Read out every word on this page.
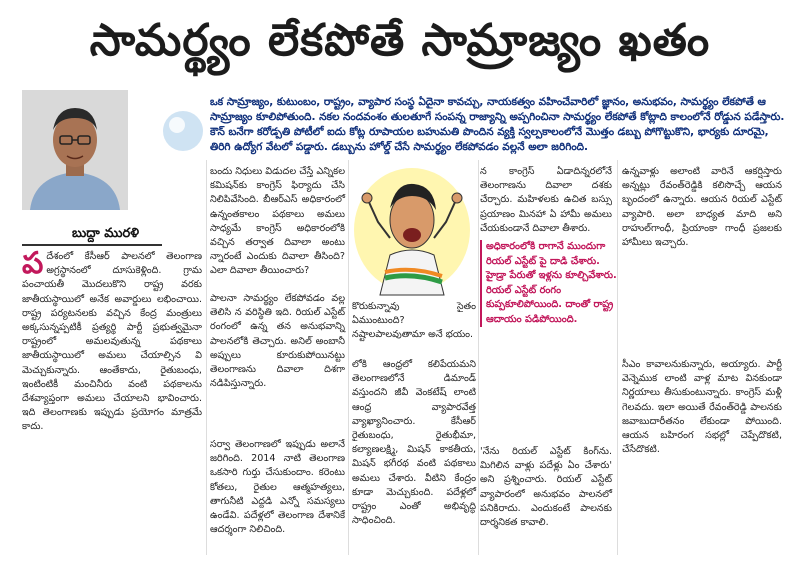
సామర్థ్యం లేకపోతే సామ్రాజ్యం ఖతం
బుద్దా మురళి
ఒక సామ్రాజ్యం, కుటుంబం, రాష్ట్రం, వ్యాపార సంస్థ ఏదైనా కావచ్చు, నాయకత్వం వహించేవారిలో జ్ఞానం, అనుభవం, సామర్థ్యం లేకపోతే ఆ సామ్రాజ్యం కూలిపోతుంది. నకల నందవంశం తులతూగే సంపన్న రాజ్యాన్ని అప్పగించినా సామర్థ్యం లేకపోతే కోట్లాది కాలంలోనే రోడ్డున పడేస్తారు. కౌన్ బనేగా కరోడ్పతి పోటీలో ఐదు కోట్ల రూపాయల బహుమతి పొందిన వ్యక్తి స్వల్పకాలంలోనే మొత్తం డబ్బు పోగొట్టుకొని, భార్యకు దూరమై, తిరిగి ఉద్యోగ వేటలో పడ్డారు. డబ్బును హోల్డ్ చేసే సామర్థ్యం లేకపోవడం వల్లనే అలా జరిగింది.
ప దేశంలో కేసీఆర్ పాలనలో తెలంగాణ అగ్రస్థానంలో దూసుకెళ్లింది. గ్రామ పంచాయతీ మొదలుకొని రాష్ట్ర వరకు జాతీయస్థాయిలో అనేక అవార్డులు లభించాయి. రాష్ట్ర పర్యటనలకు వచ్చిన కేంద్ర మంత్రులు అక్కసున్నప్పటికీ ప్రత్యర్థి పార్టీ ప్రభుత్వమైనా రాష్ట్రంలో అమలవుతున్న పథకాలు జాతీయస్థాయిలో అమలు చేయాల్సిన వి మెచ్చుకున్నారు. ఆంతేకాదు, రైతుబంధు, ఇంటింటికీ మంచినీరు వంటి పథకాలను దేశవ్యాప్తంగా అమలు చేయాలని భావించారు. ఇది తెలంగాణకు ఇప్పుడు ప్రయోగం మాత్రమే కాదు.
బందు నిధులు విడుదల చేస్తే ఎన్నికల కమిషన్‌కు కాంగ్రెస్ ఫిర్యాదు చేసి నిలిపివేసింది. బీఆర్ఎస్ అధికారంలో ఉన్నంతకాలం పథకాలు అమలు సాధ్యమే కాంగ్రెస్ అధికారంలోకి వచ్చిన తర్వాత దివాలా అంటు న్నారంటే ఎందుకు దివాలా తీసింది? ఎలా దివాలా తీయించారు?
పాలనా సామర్థ్యం లేకపోవడం వల్ల తెలిసి న వరిస్థితి ఇది. రియల్ ఎస్టేట్ రంగంలో ఉన్న తన అనుభవాన్ని పాలనలోకి తెచ్చారు. అనిల్ అంబానీ అప్పులు కూరుకుపోయినట్టు తెలంగాణను దివాలా దిశగా నడిపిస్తున్నారు.
సర్వా తెలంగాణలో ఇప్పుడు అలానే జరిగింది. 2014 నాటి తెలంగాణ ఒకసారి గుర్తు చేసుకుందాం. కరెంటు కోతలు, రైతుల ఆత్మహత్యలు, తాగునీటి ఎద్దడి ఎన్నో సమస్యలు ఉండేవి. పదేళ్లలో తెలంగాణ దేశానికే ఆదర్శంగా నిలిచింది.
కొరుకున్నావు సైతం ఏముంటుంది? నష్టాలపాలవుతామా అనే భయం.
లోకి ఆంధ్రలో కలిపేయమని తెలంగాణలోనే డిమాండ్ వస్తుందని జీవీ వెంకటేష్ లాంటి ఆంధ్ర వ్యాపారవేత్త వ్యాఖ్యానించారు. కేసీఆర్ రైతుబంధు, రైతుభీమా, కల్యాణలక్ష్మి, మిషన్ కాకతీయ, మిషన్ భగీరథ వంటి పథకాలు అమలు చేశారు. వీటిని కేంద్రం కూడా మెచ్చుకుంది. పదేళ్లలో రాష్ట్రం ఎంతో అభివృద్ధి సాధించింది.
న కాంగ్రెస్ ఏడాదిన్నరలోనే తెలంగాణను దివాలా దశకు చేర్చారు. మహిళలకు ఉచిత బస్సు ప్రయాణం మినహా ఏ హామీ అమలు చేయకుండానే దివాలా తీశారు.
అధికారంలోకి రాగానే ముందుగా రియల్ ఎస్టేట్ పై దాడి చేశారు. హైడ్రా పేరుతో ఇళ్లను కూల్చివేశారు. రియల్ ఎస్టేట్ రంగం కుప్పకూలిపోయింది. దాంతో రాష్ట్ర ఆదాయం పడిపోయింది.
'నేను రియల్ ఎస్టేట్ కింగ్‌ను. మిగిలిన వాళ్లు పదేళ్లు ఏం చేశారు' అని ప్రశ్నించారు. రియల్ ఎస్టేట్ వ్యాపారంలో అనుభవం పాలనలో పనికిరాదు. ఎందుకంటే పాలనకు దార్శనికత కావాలి.
ఉన్నవాళ్లు అలాంటి వారినే ఆకర్షిస్తారు అన్నట్లు రేవంత్‌రెడ్డికి కలిసొచ్చే ఆయన బృందంలో ఉన్నారు. ఆయన రియల్ ఎస్టేట్ వ్యాపారి. అలా బాధ్యత మాది అని రాహుల్‌గాంధీ, ప్రియాంకా గాంధీ ప్రజలకు హామీలు ఇచ్చారు.
సీఎం కావాలనుకున్నారు, అయ్యారు. పార్టీ వెన్నెముక లాంటి వాళ్ల మాట వినకుండా నిర్ణయాలు తీసుకుంటున్నారు. కాంగ్రెస్ మళ్లీ గెలవదు. ఇలా అయితే రేవంత్‌రెడ్డి పాలనకు జవాబుదారీతనం లేకుండా పోయింది. ఆయన బహిరంగ సభల్లో చెప్పేదొకటి, చేసేదొకటి.
